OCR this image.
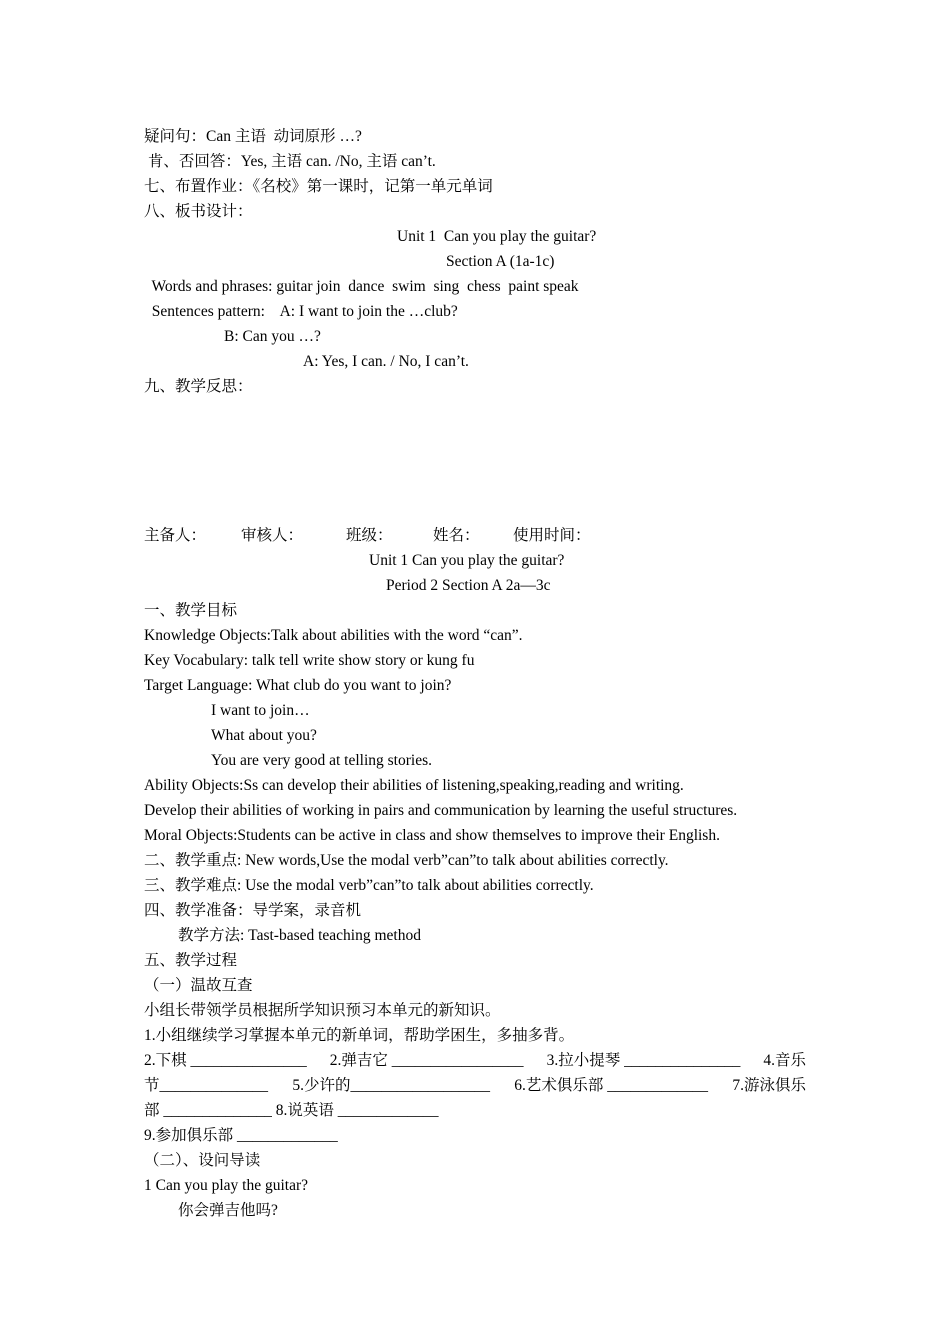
疑问句：Can 主语  动词原形 …?

肯、否回答：Yes, 主语 can. /No, 主语 can’t.

七、布置作业：《名校》第一课时，记第一单元单词

八、板书设计：

Unit 1  Can you play the guitar?

Section A (1a-1c)

Words and phrases: guitar join  dance  swim  sing  chess  paint speak

Sentences pattern:    A: I want to join the …club?

B: Can you …?

A: Yes, I can. / No, I can’t.

九、教学反思：

主备人： 审核人：	班级：	姓名： 使用时间：

Unit 1 Can you play the guitar?

Period 2 Section A 2a—3c

一、教学目标

Knowledge Objects:Talk about abilities with the word “can”.

Key Vocabulary: talk tell write show story or kung fu

Target Language: What club do you want to join?

I want to join…

What about you?

You are very good at telling stories.

Ability Objects:Ss can develop their abilities of listening,speaking,reading and writing.

Develop their abilities of working in pairs and communication by learning the useful structures.

Moral Objects:Students can be active in class and show themselves to improve their English.

二、教学重点: New words,Use the modal verb”can”to talk about abilities correctly.

三、教学难点: Use the modal verb”can”to talk about abilities correctly.

四、教学准备：导学案，录音机

教学方法: Tast-based teaching method

五、教学过程

（一）温故互查

小组长带领学员根据所学知识预习本单元的新知识。

1.小组继续学习掌握本单元的新单词，帮助学困生，多抽多背。

2.下棋 _______________ 2.弹吉它 _________________ 3.拉小提琴 _______________ 4.音乐
节______________ 5.少许的__________________ 6.艺术俱乐部 _____________ 7.游泳俱乐

部 ______________ 8.说英语 _____________

9.参加俱乐部 _____________

（二）、设问导读

1 Can you play the guitar?

你会弹吉他吗?
